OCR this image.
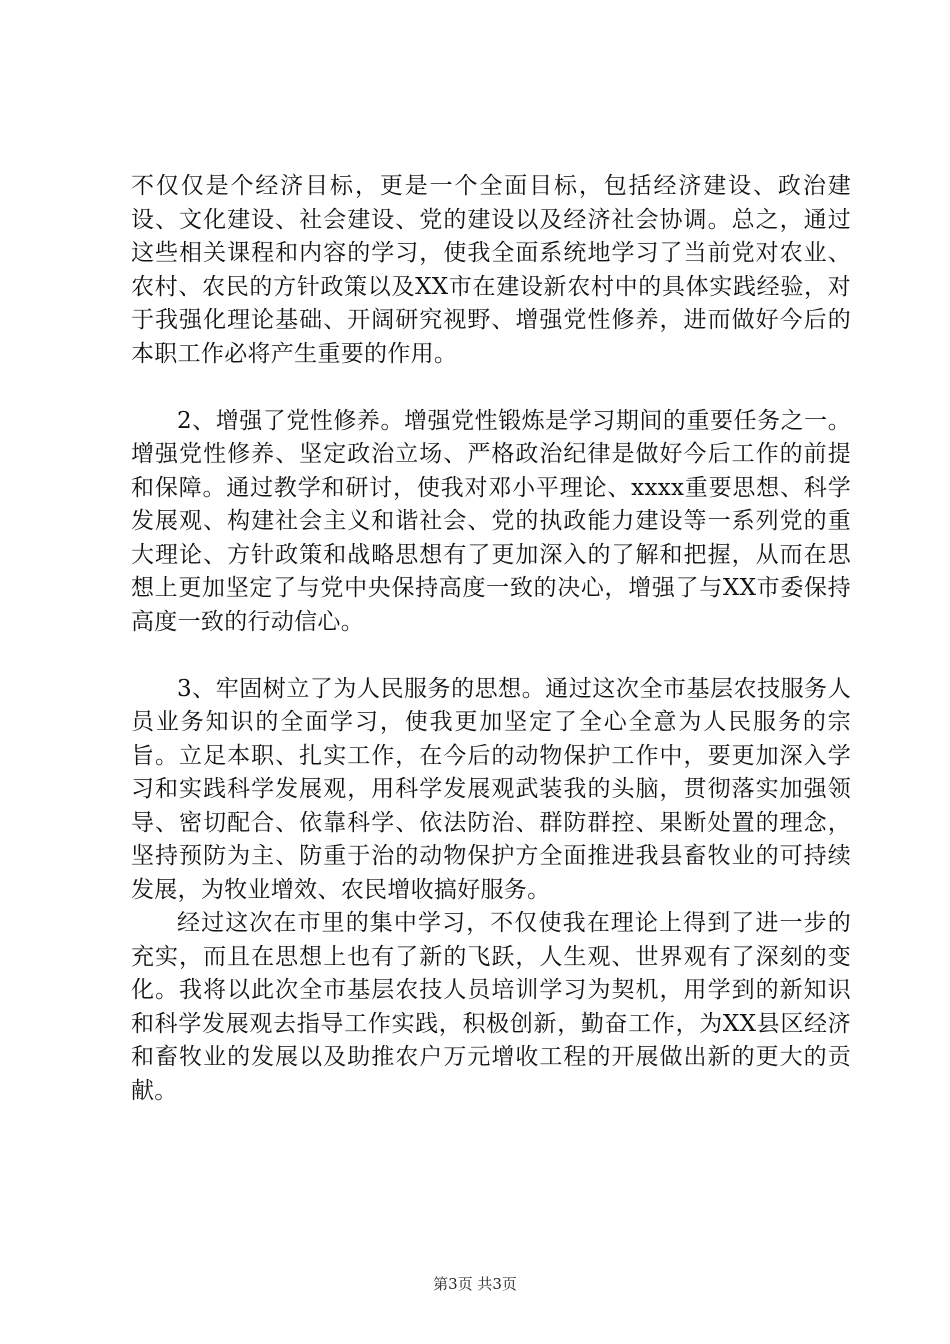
不仅仅是个经济目标，更是一个全面目标，包括经济建设、政治建设、文化建设、社会建设、党的建设以及经济社会协调。总之，通过这些相关课程和内容的学习，使我全面系统地学习了当前党对农业、农村、农民的方针政策以及XX市在建设新农村中的具体实践经验，对于我强化理论基础、开阔研究视野、增强党性修养，进而做好今后的本职工作必将产生重要的作用。

2、增强了党性修养。增强党性锻炼是学习期间的重要任务之一。增强党性修养、坚定政治立场、严格政治纪律是做好今后工作的前提和保障。通过教学和研讨，使我对邓小平理论、xxxx重要思想、科学发展观、构建社会主义和谐社会、党的执政能力建设等一系列党的重大理论、方针政策和战略思想有了更加深入的了解和把握，从而在思想上更加坚定了与党中央保持高度一致的决心，增强了与XX市委保持高度一致的行动信心。

3、牢固树立了为人民服务的思想。通过这次全市基层农技服务人员业务知识的全面学习，使我更加坚定了全心全意为人民服务的宗旨。立足本职、扎实工作，在今后的动物保护工作中，要更加深入学习和实践科学发展观，用科学发展观武装我的头脑，贯彻落实加强领导、密切配合、依靠科学、依法防治、群防群控、果断处置的理念，坚持预防为主、防重于治的动物保护方全面推进我县畜牧业的可持续发展，为牧业增效、农民增收搞好服务。

经过这次在市里的集中学习，不仅使我在理论上得到了进一步的充实，而且在思想上也有了新的飞跃，人生观、世界观有了深刻的变化。我将以此次全市基层农技人员培训学习为契机，用学到的新知识和科学发展观去指导工作实践，积极创新，勤奋工作，为XX县区经济和畜牧业的发展以及助推农户万元增收工程的开展做出新的更大的贡献。

第3页 共3页
